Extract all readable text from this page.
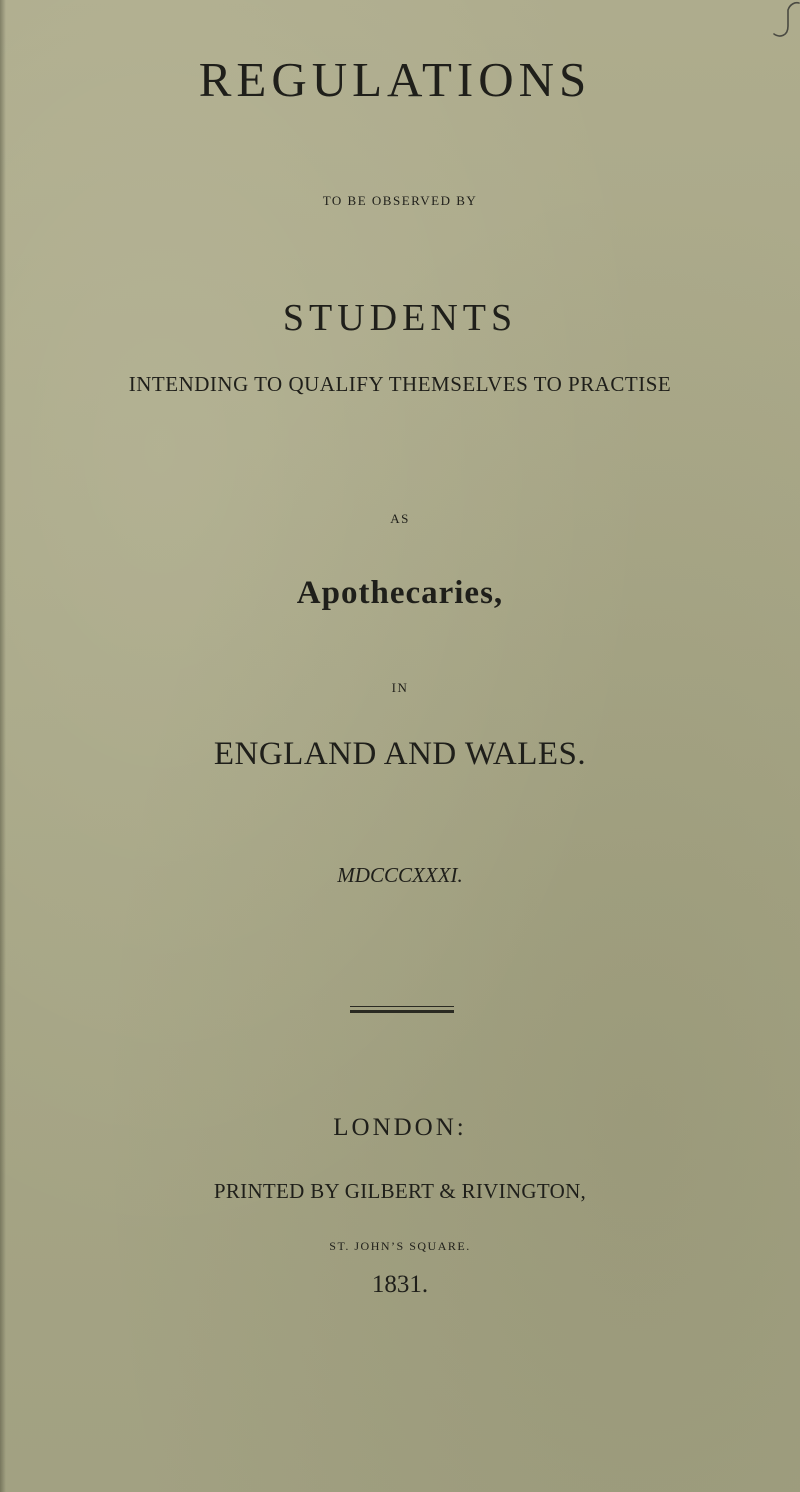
REGULATIONS
TO BE OBSERVED BY
STUDENTS
INTENDING TO QUALIFY THEMSELVES TO PRACTISE
AS
Apothecaries,
IN
ENGLAND AND WALES.
MDCCCXXXI.
LONDON:
PRINTED BY GILBERT & RIVINGTON,
ST. JOHN’S SQUARE.
1831.
